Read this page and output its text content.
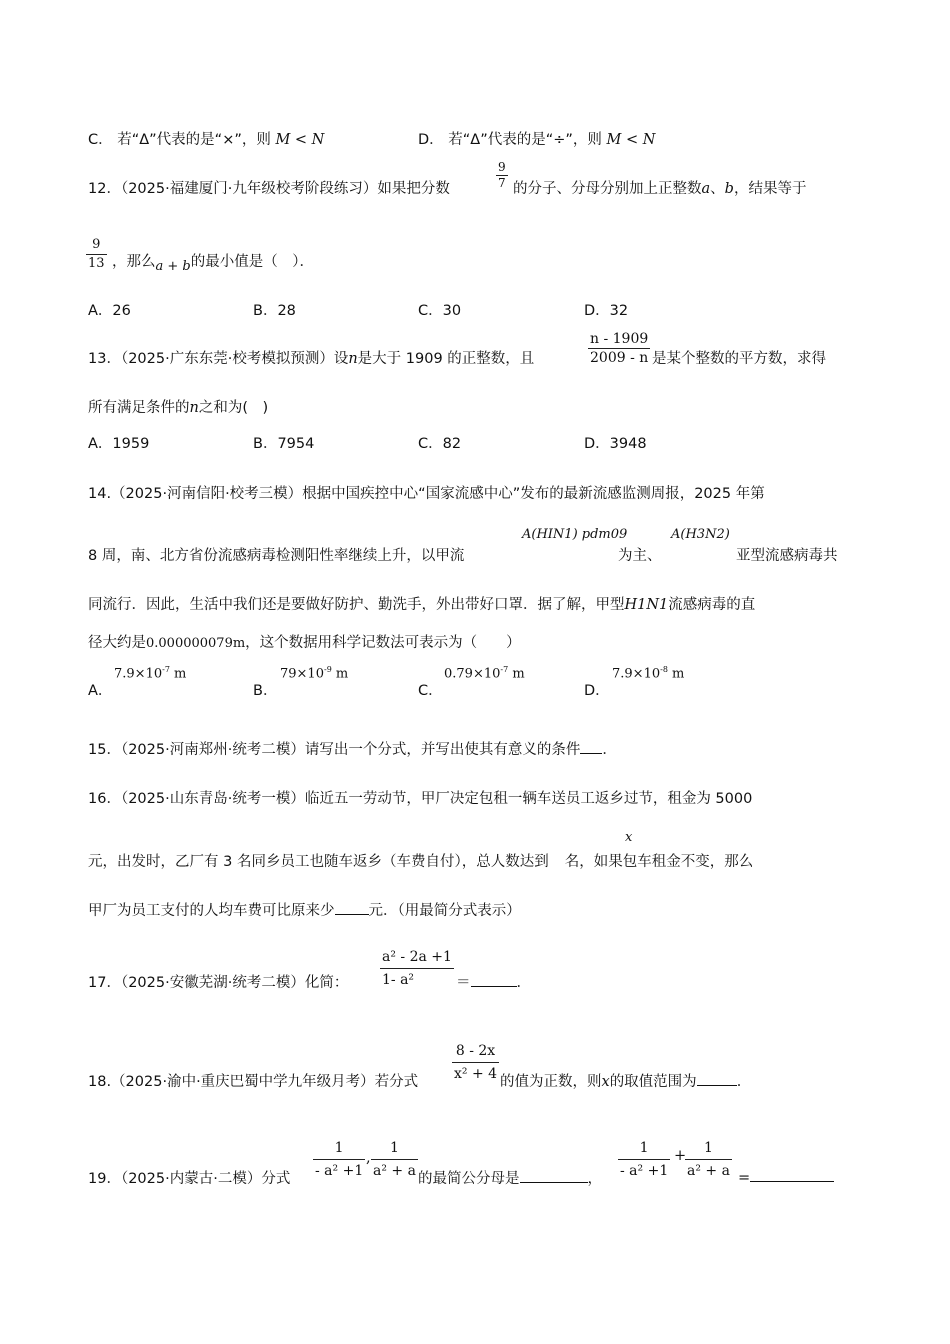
C． 若“Δ”代表的是“×”，则 M < N	D． 若“Δ”代表的是“÷”，则 M < N
12．（2025·福建厦门·九年级校考阶段练习）如果把分数	$\frac{9}{7}$ 的分子、分母分别加上正整数a、b，结果等于
$\frac{9}{13}$ ，那么a + b的最小值是（　）．
A．26	B．28	C．30	D．32
13．（2025·广东东莞·校考模拟预测）设n是大于 1909 的正整数，且	$\frac{n - 1909}{2009 - n}$ 是某个整数的平方数，求得
所有满足条件的n之和为(　)
A．1959	B．7954	C．82	D．3948
14.（2025·河南信阳·校考三模）根据中国疾控中心“国家流感中心”发布的最新流感监测周报，2025 年第
8 周，南、北方省份流感病毒检测阳性率继续上升，以甲流
A(HIN1) pdm09
为主、
A(H3N2)
亚型流感病毒共
同流行．因此，生活中我们还是要做好防护、勤洗手，外出带好口罩．据了解，甲型H1N1流感病毒的直
径大约是0.000000079m，这个数据用科学记数法可表示为（　　）
A．
$7.9\times 10^{-7}$ m
B．
$79\times 10^{-9}$ m
C．
$0.79\times 10^{-7}$ m
D．
$7.9\times 10^{-8}$ m
15．（2025·河南郑州·统考二模）请写出一个分式，并写出使其有意义的条件 ．
16．（2025·山东青岛·统考一模）临近五一劳动节，甲厂决定包租一辆车送员工返乡过节，租金为 5000
x
元，出发时，乙厂有 3 名同乡员工也随车返乡（车费自付），总人数达到 名，如果包车租金不变，那么
甲厂为员工支付的人均车费可比原来少 元．（用最简分式表示）
17．（2025·安徽芜湖·统考二模）化简： $\frac{\text{a² - 2a +1}}{\text{1- a²}}$ ＝	．
18.（2025·渝中·重庆巴蜀中学九年级月考）若分式 $\frac{8 - 2x}{\text{x² + 4}}$ 的值为正数，则x的取值范围为	．
19．（2025·内蒙古·二模）分式 $\frac{1}{\text{- a² +1}}$ , $\frac{1}{\text{a² + a}}$ 的最简公分母是	， $\frac{1}{\text{- a² +1}}$ +
$\frac{1}{\text{a² + a}}$ =
